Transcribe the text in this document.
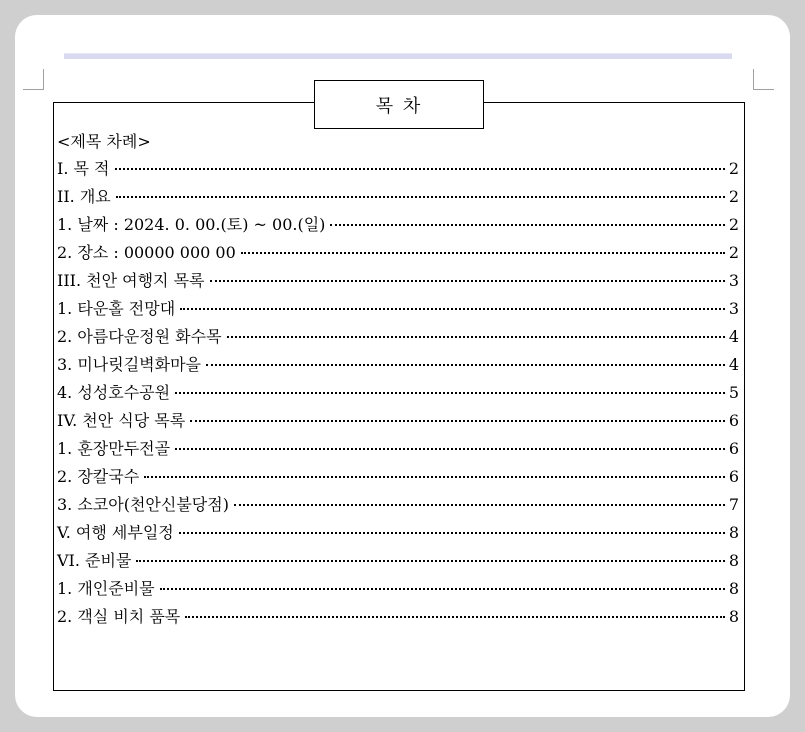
목 차
<제목 차례>
I. 목 적	2
II. 개요	2
1. 날짜 : 2024. 0. 00.(토) ~ 00.(일)	2
2. 장소 : 00000 000 00	2
III. 천안 여행지 목록	3
1. 타운홀 전망대	3
2. 아름다운정원 화수목	4
3. 미나릿길벽화마을	4
4. 성성호수공원	5
IV. 천안 식당 목록	6
1. 훈장만두전골	6
2. 장칼국수	6
3. 소코아(천안신불당점)	7
V. 여행 세부일정	8
VI. 준비물	8
1. 개인준비물	8
2. 객실 비치 품목	8
